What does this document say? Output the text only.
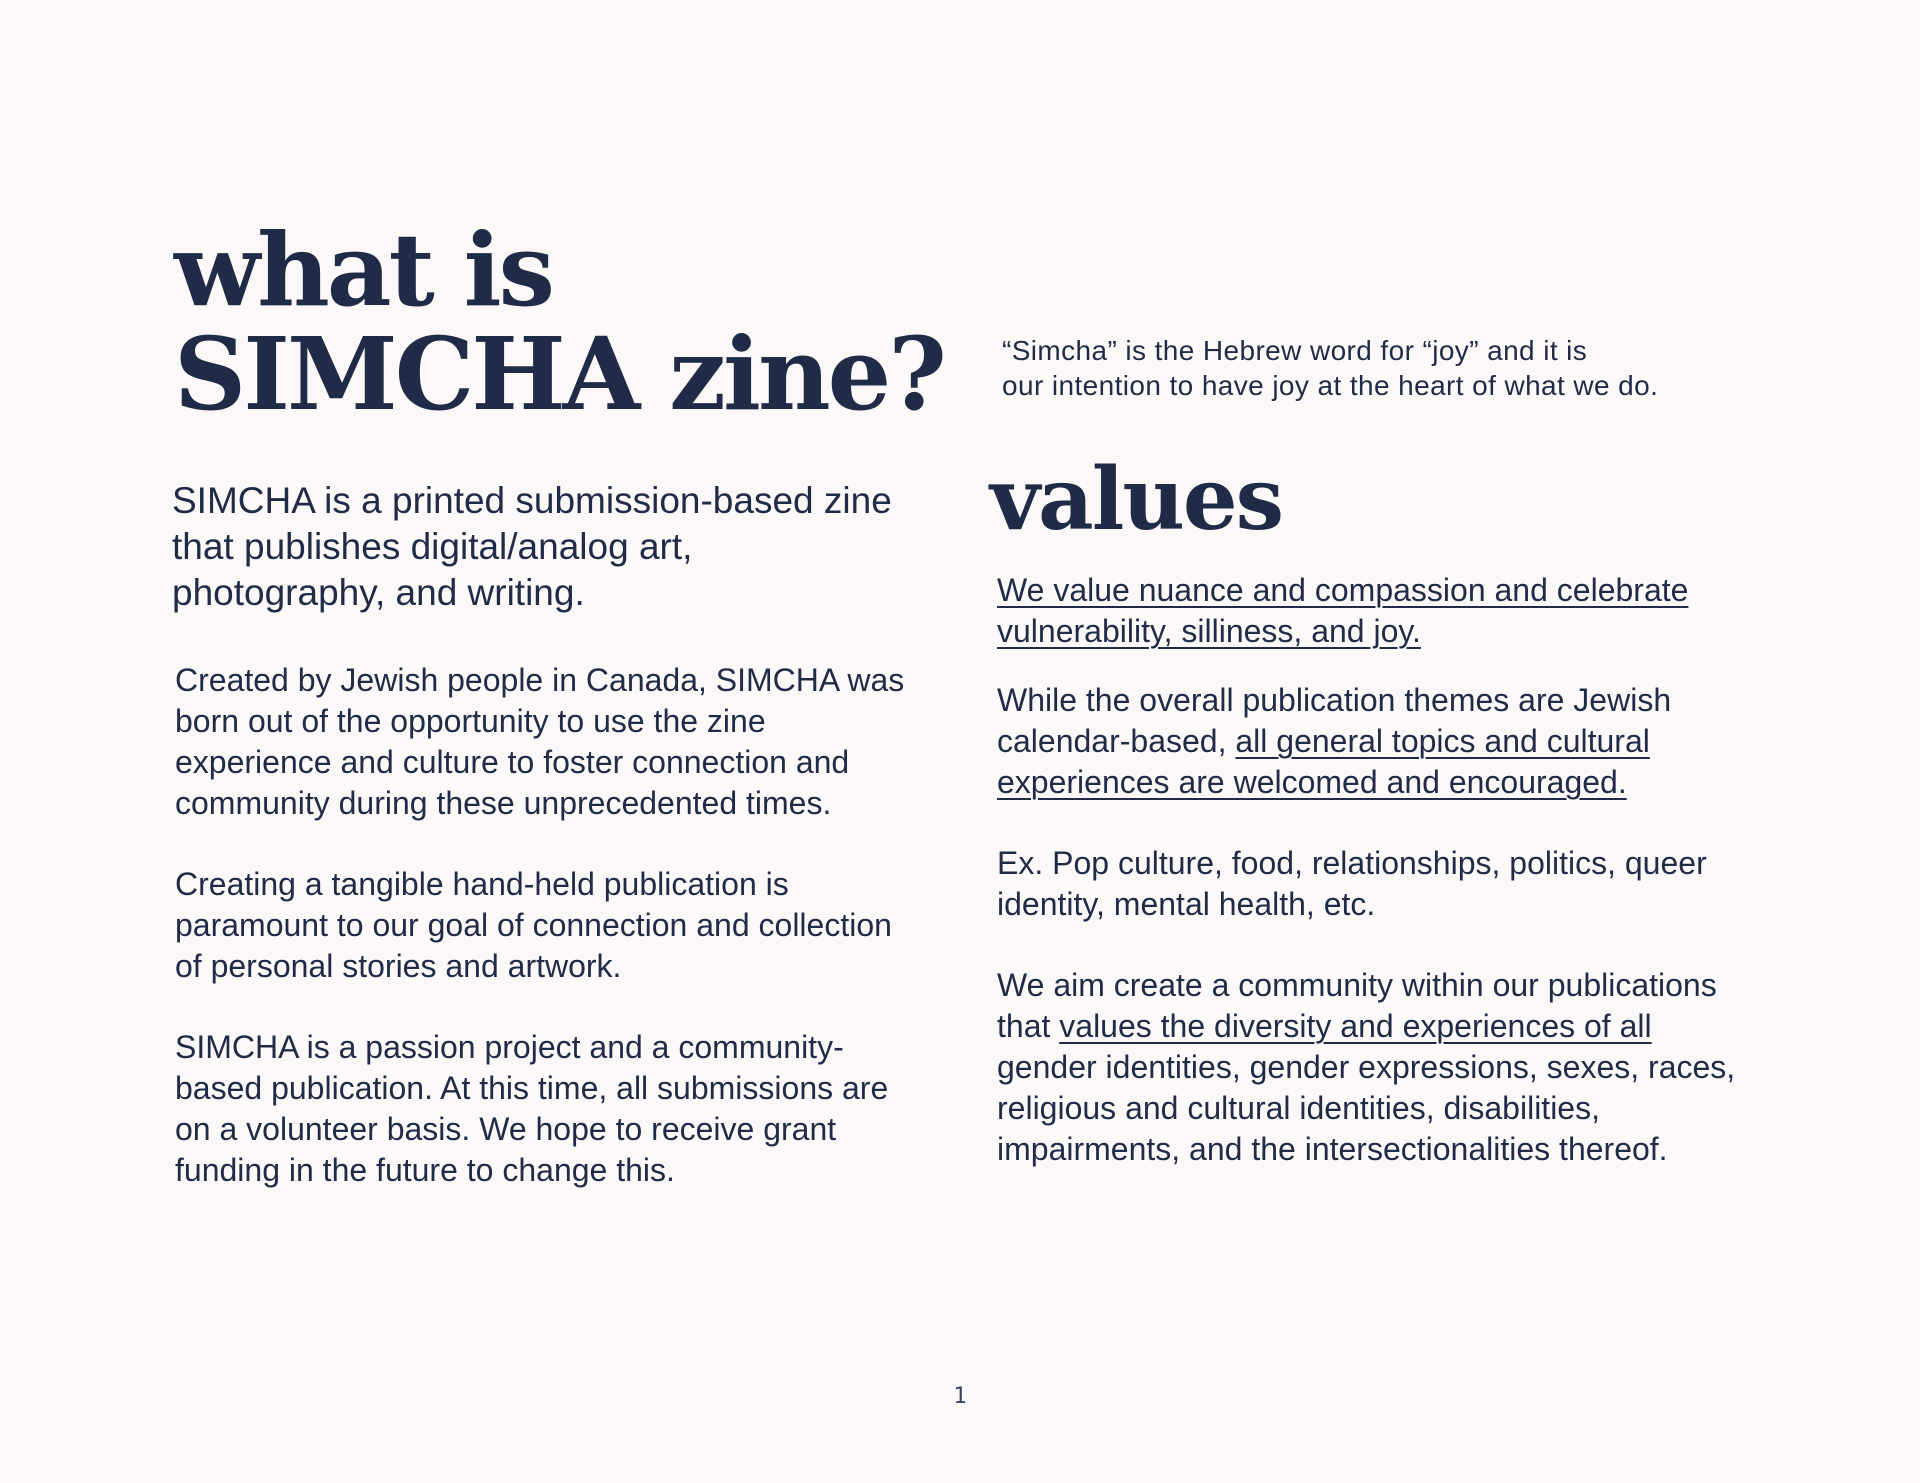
what is
SIMCHA zine? “Simcha” is the Hebrew word for “joy” and it is
our intention to have joy at the heart of what we do.
SIMCHA is a printed submission-based zine that publishes digital/analog art, photography, and writing.

Created by Jewish people in Canada, SIMCHA was born out of the opportunity to use the zine experience and culture to foster connection and community during these unprecedented times.

Creating a tangible hand-held publication is paramount to our goal of connection and collection of personal stories and artwork.

SIMCHA is a passion project and a community-based publication. At this time, all submissions are on a volunteer basis. We hope to receive grant funding in the future to change this.

values

We value nuance and compassion and celebrate vulnerability, silliness, and joy.

While the overall publication themes are Jewish calendar-based, all general topics and cultural experiences are welcomed and encouraged.

Ex. Pop culture, food, relationships, politics, queer identity, mental health, etc.

We aim create a community within our publications that values the diversity and experiences of all gender identities, gender expressions, sexes, races, religious and cultural identities, disabilities, impairments, and the intersectionalities thereof.

1
